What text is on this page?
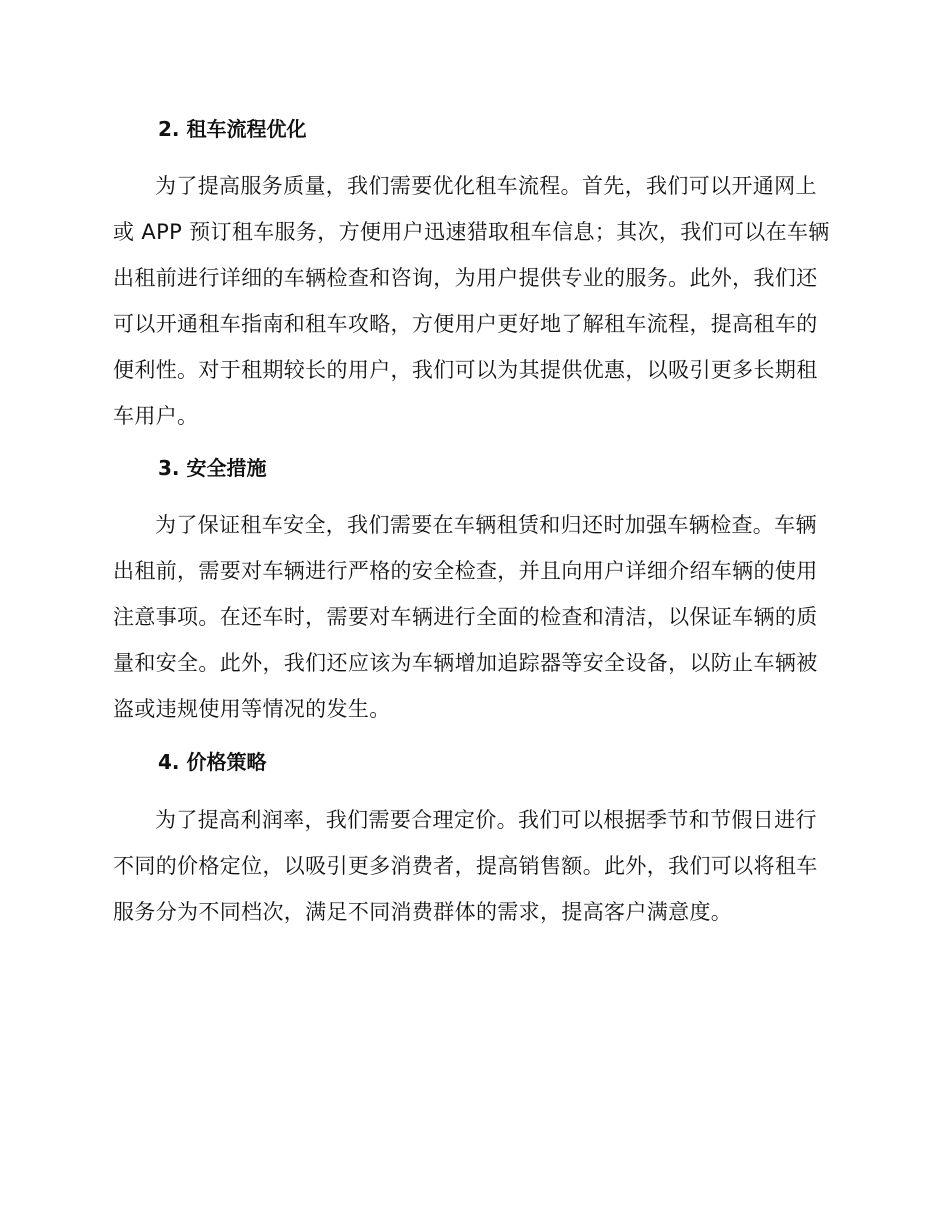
2. 租车流程优化

为了提高服务质量，我们需要优化租车流程。首先，我们可以开通网上
或 APP 预订租车服务，方便用户迅速猎取租车信息；其次，我们可以在车辆
出租前进行详细的车辆检查和咨询，为用户提供专业的服务。此外，我们还
可以开通租车指南和租车攻略，方便用户更好地了解租车流程，提高租车的
便利性。对于租期较长的用户，我们可以为其提供优惠，以吸引更多长期租
车用户。

3. 安全措施

为了保证租车安全，我们需要在车辆租赁和归还时加强车辆检查。车辆
出租前，需要对车辆进行严格的安全检查，并且向用户详细介绍车辆的使用
注意事项。在还车时，需要对车辆进行全面的检查和清洁，以保证车辆的质
量和安全。此外，我们还应该为车辆增加追踪器等安全设备，以防止车辆被
盗或违规使用等情况的发生。

4. 价格策略

为了提高利润率，我们需要合理定价。我们可以根据季节和节假日进行
不同的价格定位，以吸引更多消费者，提高销售额。此外，我们可以将租车
服务分为不同档次，满足不同消费群体的需求，提高客户满意度。
